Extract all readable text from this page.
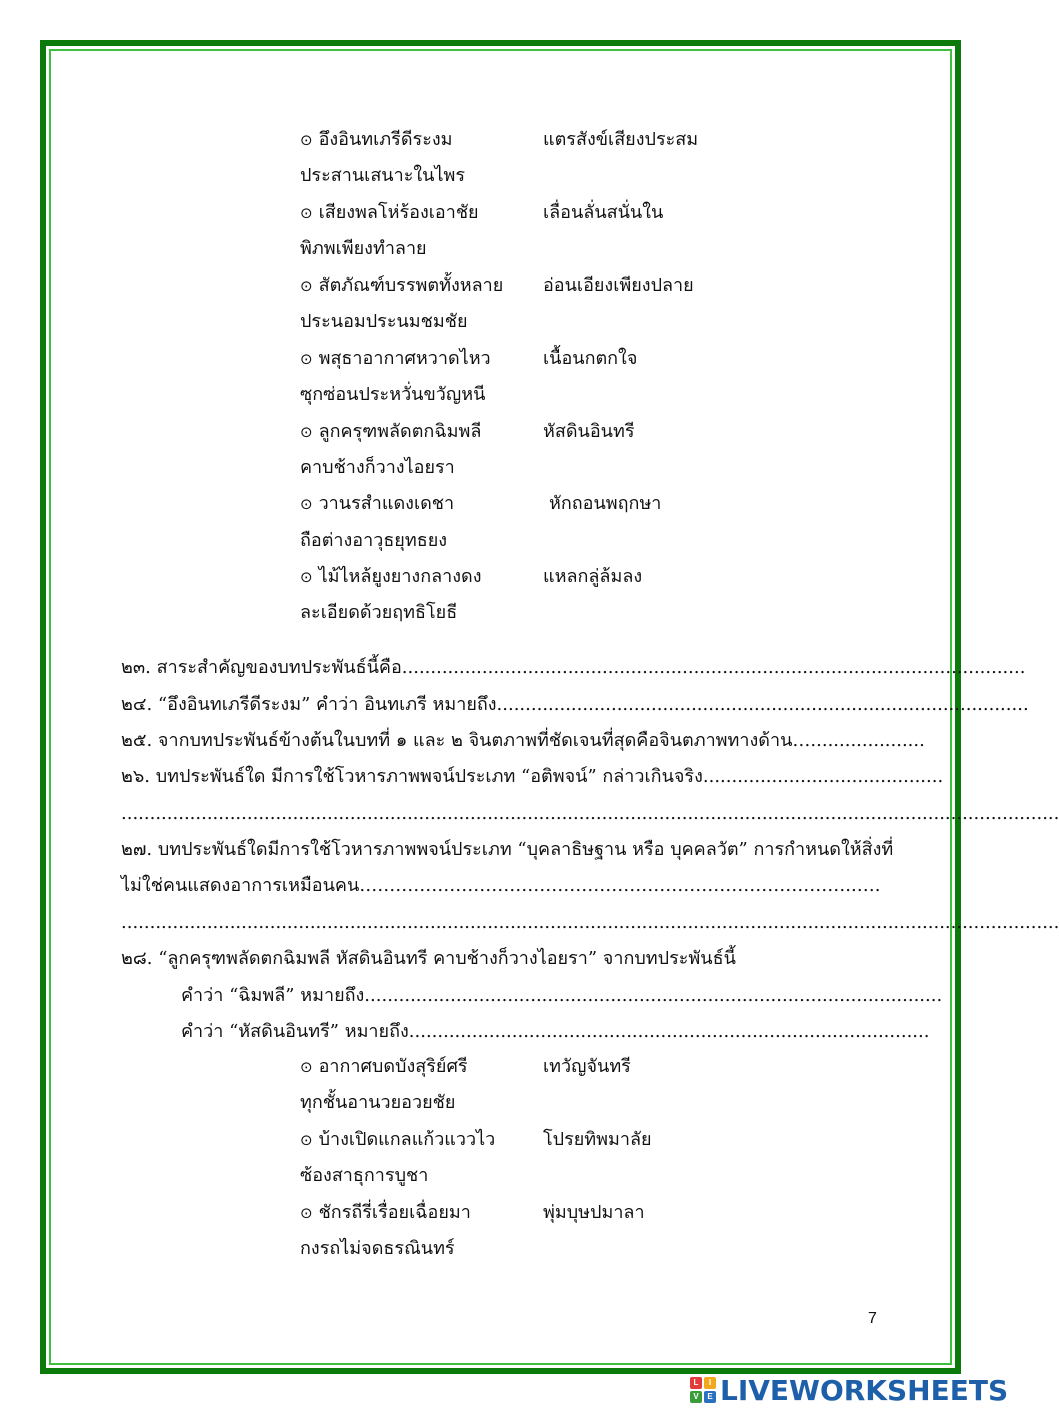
⊙ อึงอินทเภรีดีระงม	แตรสังข์เสียงประสม
ประสานเสนาะในไพร
⊙ เสียงพลโห่ร้องเอาชัย	เลื่อนลั่นสนั่นใน
พิภพเพียงทำลาย
⊙ สัตภัณฑ์บรรพตทั้งหลาย อ่อนเอียงเพียงปลาย
ประนอมประนมชมชัย
⊙ พสุธาอากาศหวาดไหว	เนื้อนกตกใจ
ซุกซ่อนประหวั่นขวัญหนี
⊙ ลูกครุฑพลัดตกฉิมพลี	หัสดินอินทรี
คาบช้างก็วางไอยรา
⊙ วานรสำแดงเดชา	หักถอนพฤกษา
ถือต่างอาวุธยุทธยง
⊙ ไม้ไหล้ยูงยางกลางดง	แหลกลู่ล้มลง
ละเอียดด้วยฤทธิโยธี
๒๓. สาระสำคัญของบทประพันธ์นี้คือ.............................................................................................................
๒๔. “อึงอินทเภรีดีระงม” คำว่า อินทเภรี หมายถึง.............................................................................................
๒๕. จากบทประพันธ์ข้างต้นในบทที่ ๑ และ ๒ จินตภาพที่ชัดเจนที่สุดคือจินตภาพทางด้าน…....................
๒๖. บทประพันธ์ใด มีการใช้โวหารภาพพจน์ประเภท “อติพจน์” กล่าวเกินจริง..........................................
....................................................................................................................................................................
๒๗. บทประพันธ์ใดมีการใช้โวหารภาพพจน์ประเภท “บุคลาธิษฐาน หรือ บุคคลวัต” การกำหนดให้สิ่งที่
ไม่ใช่คนแสดงอาการเหมือนคน………………………………………………………………………..….
....................................................................................................................................................................
๒๘. “ลูกครุฑพลัดตกฉิมพลี หัสดินอินทรี คาบช้างก็วางไอยรา” จากบทประพันธ์นี้
คำว่า “ฉิมพลี” หมายถึง.....................................................................................................
คำว่า “หัสดินอินทรี” หมายถึง...........................................................................................
⊙ อากาศบดบังสุริย์ศรี	เทวัญจันทรี
ทุกชั้นอานวยอวยชัย
⊙ บ้างเปิดแกลแก้วแววไว	โปรยทิพมาลัย
ซ้องสาธุการบูชา
⊙ ชักรถีรี่เรื่อยเฉื่อยมา	พุ่มบุษปมาลา
กงรถไม่จดธรณินทร์
7
L	I
V	E LIVEWORKSHEETS
